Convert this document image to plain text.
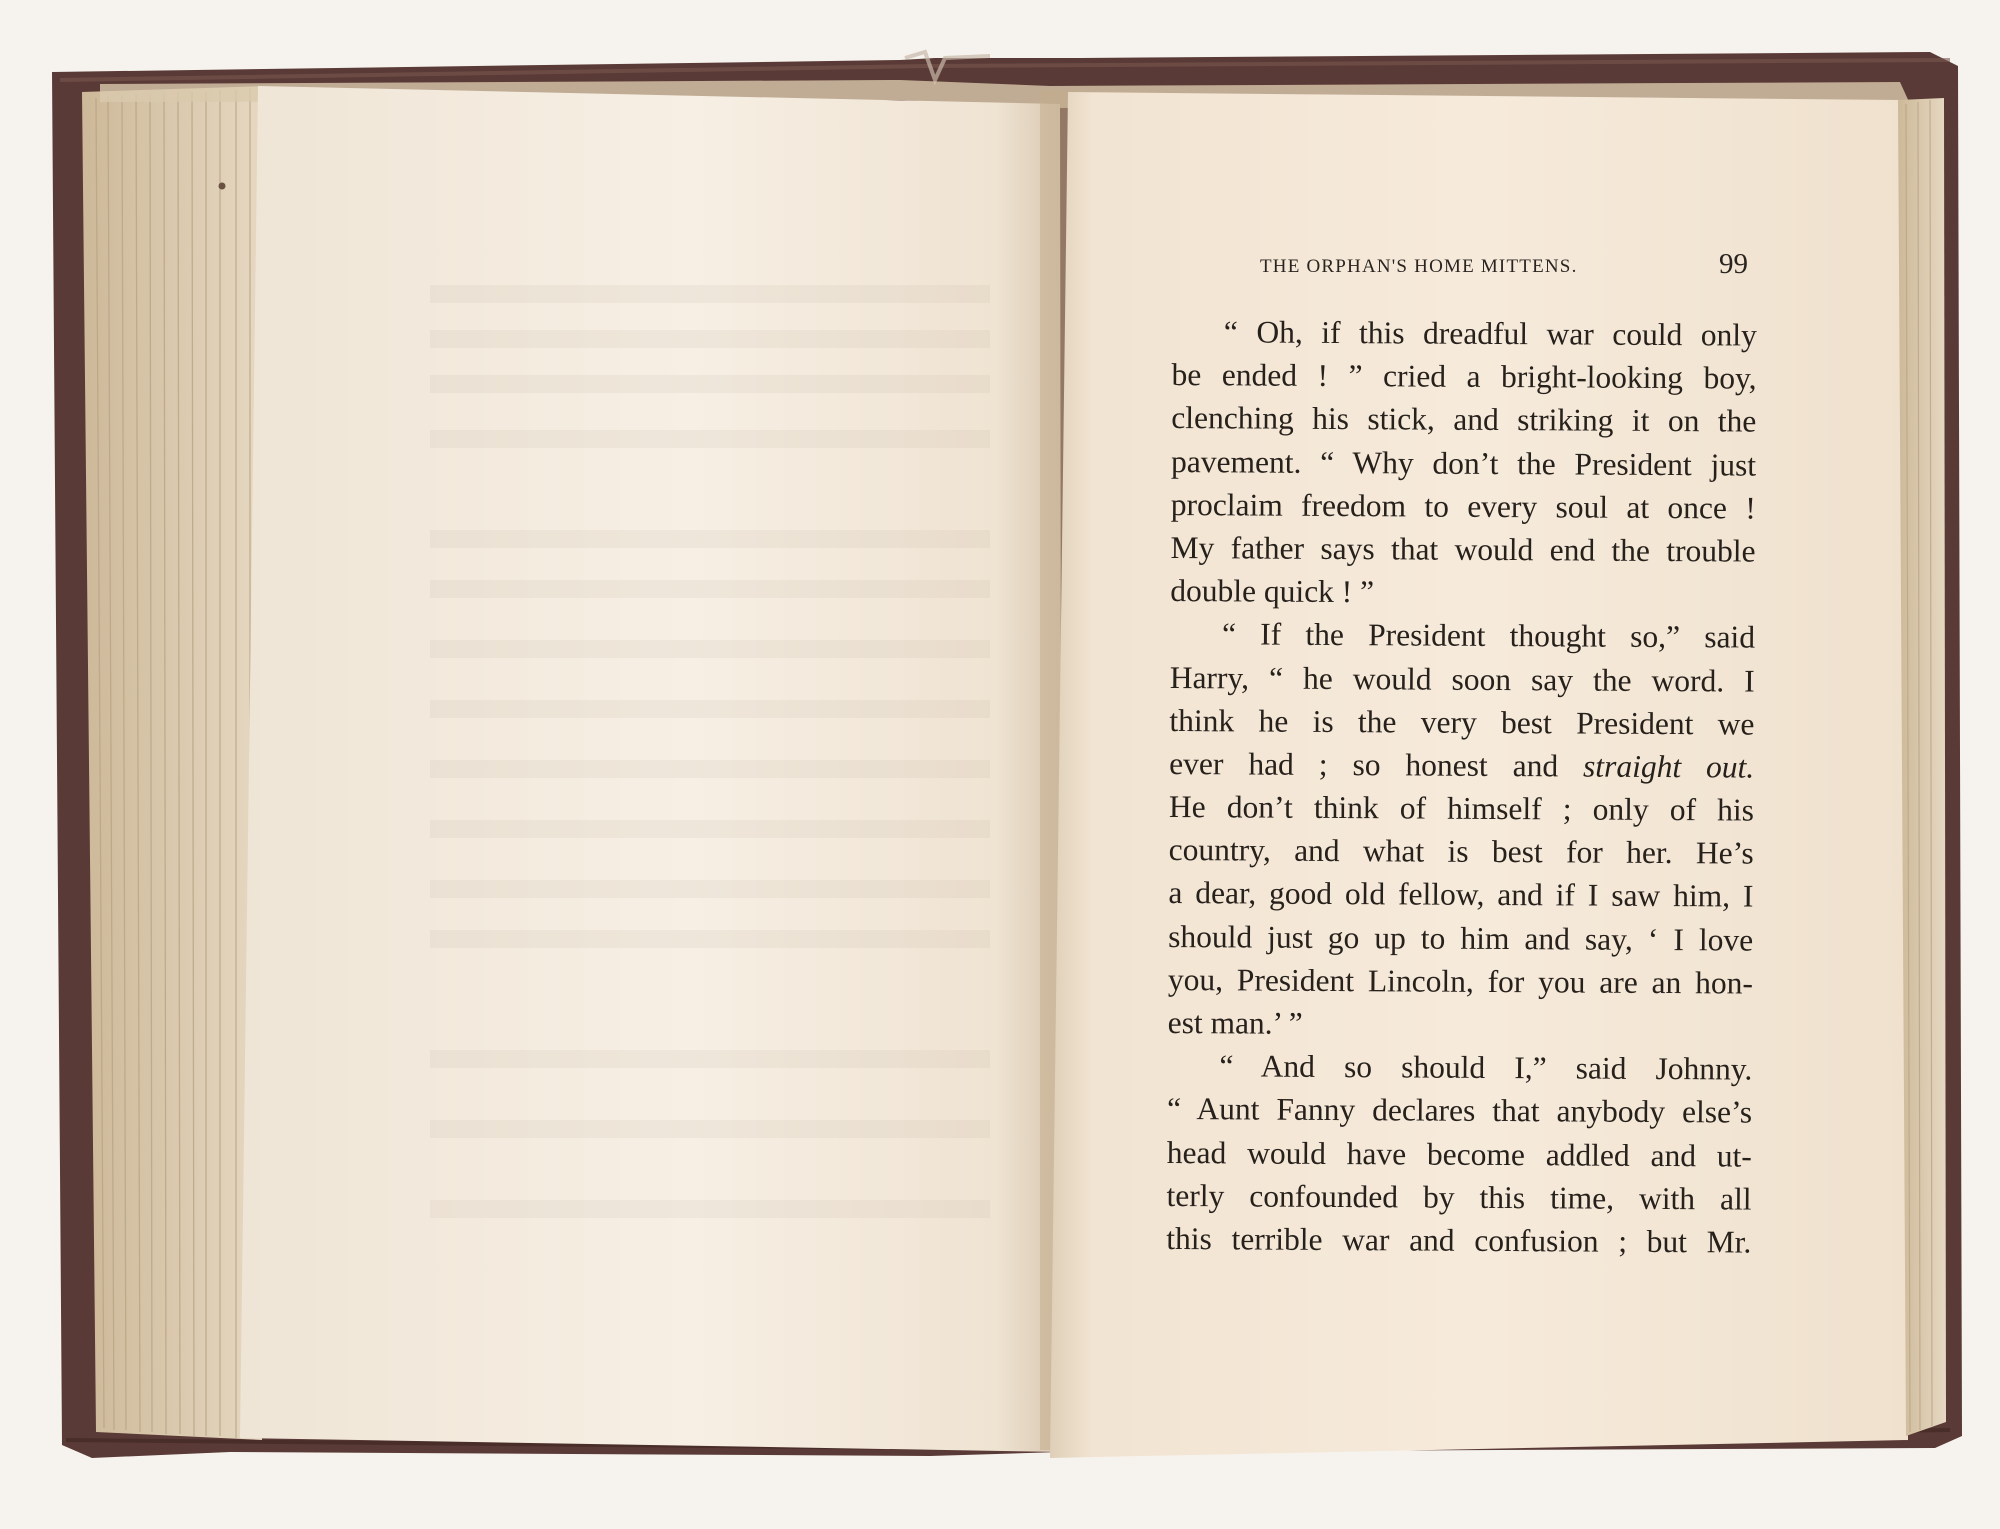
THE ORPHAN'S HOME MITTENS.	99
“ Oh, if this dreadful war could only
be ended ! ” cried a bright-looking boy,
clenching his stick, and striking it on the
pavement. “ Why don’t the President just
proclaim freedom to every soul at once !
My father says that would end the trouble
double quick ! ”
“ If the President thought so,” said
Harry, “ he would soon say the word. I
think he is the very best President we
ever had ; so honest and straight out.
He don’t think of himself ; only of his
country, and what is best for her. He’s
a dear, good old fellow, and if I saw him, I
should just go up to him and say, ‘ I love
you, President Lincoln, for you are an hon-
est man.’ ”
“ And so should I,” said Johnny.
“ Aunt Fanny declares that anybody else’s
head would have become addled and ut-
terly confounded by this time, with all
this terrible war and confusion ; but Mr.
